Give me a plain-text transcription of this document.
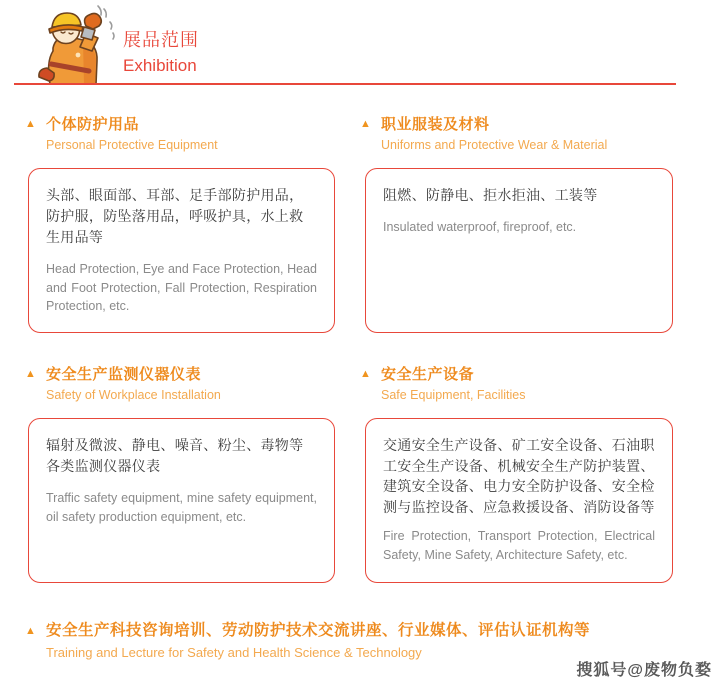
展品范围
Exhibition
▲ 个体防护用品
Personal Protective Equipment
头部、眼面部、耳部、足手部防护用品，防护服，防坠落用品，呼吸护具，水上救生用品等
Head Protection, Eye and Face Protection, Head and Foot Protection, Fall Protection, Respiration Protection, etc.
▲ 职业服装及材料
Uniforms and Protective Wear & Material
阻燃、防静电、拒水拒油、工装等
Insulated waterproof, fireproof, etc.
▲ 安全生产监测仪器仪表
Safety of Workplace Installation
辐射及微波、静电、噪音、粉尘、毒物等各类监测仪器仪表
Traffic safety equipment, mine safety equipment, oil safety production equipment, etc.
▲ 安全生产设备
Safe Equipment, Facilities
交通安全生产设备、矿工安全设备、石油职工安全生产设备、机械安全生产防护装置、建筑安全设备、电力安全防护设备、安全检测与监控设备、应急救援设备、消防设备等
Fire Protection, Transport Protection, Electrical Safety, Mine Safety, Architecture Safety, etc.
▲ 安全生产科技咨询培训、劳动防护技术交流讲座、行业媒体、评估认证机构等
Training and Lecture for Safety and Health Science & Technology
搜狐号@废物负婺
